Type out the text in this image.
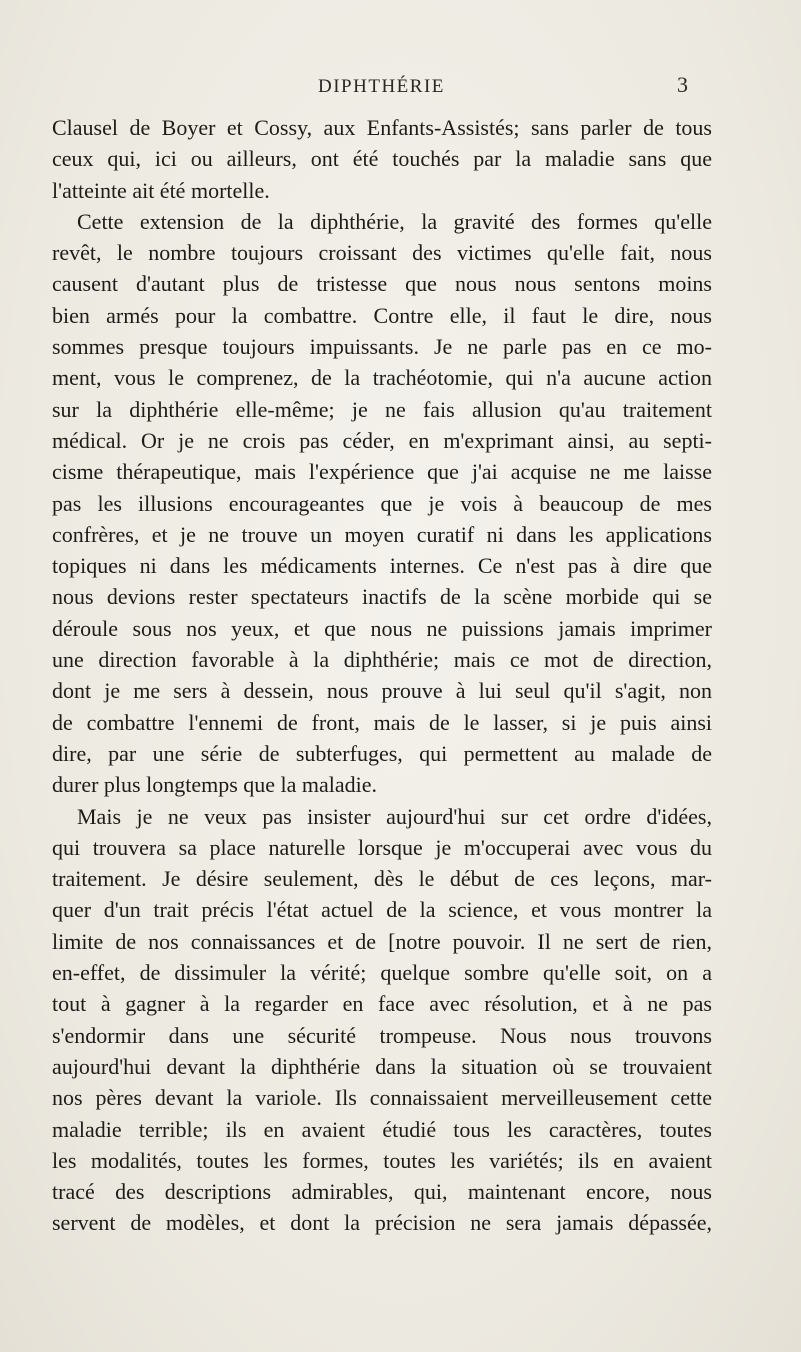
DIPHTHÉRIE	3
Clausel de Boyer et Cossy, aux Enfants-Assistés; sans parler de tous
ceux qui, ici ou ailleurs, ont été touchés par la maladie sans que
l'atteinte ait été mortelle.
Cette extension de la diphthérie, la gravité des formes qu'elle
revêt, le nombre toujours croissant des victimes qu'elle fait, nous
causent d'autant plus de tristesse que nous nous sentons moins
bien armés pour la combattre. Contre elle, il faut le dire, nous
sommes presque toujours impuissants. Je ne parle pas en ce mo-
ment, vous le comprenez, de la trachéotomie, qui n'a aucune action
sur la diphthérie elle-même; je ne fais allusion qu'au traitement
médical. Or je ne crois pas céder, en m'exprimant ainsi, au septi-
cisme thérapeutique, mais l'expérience que j'ai acquise ne me laisse
pas les illusions encourageantes que je vois à beaucoup de mes
confrères, et je ne trouve un moyen curatif ni dans les applications
topiques ni dans les médicaments internes. Ce n'est pas à dire que
nous devions rester spectateurs inactifs de la scène morbide qui se
déroule sous nos yeux, et que nous ne puissions jamais imprimer
une direction favorable à la diphthérie; mais ce mot de direction,
dont je me sers à dessein, nous prouve à lui seul qu'il s'agit, non
de combattre l'ennemi de front, mais de le lasser, si je puis ainsi
dire, par une série de subterfuges, qui permettent au malade de
durer plus longtemps que la maladie.
Mais je ne veux pas insister aujourd'hui sur cet ordre d'idées,
qui trouvera sa place naturelle lorsque je m'occuperai avec vous du
traitement. Je désire seulement, dès le début de ces leçons, mar-
quer d'un trait précis l'état actuel de la science, et vous montrer la
limite de nos connaissances et de [notre pouvoir. Il ne sert de rien,
en-effet, de dissimuler la vérité; quelque sombre qu'elle soit, on a
tout à gagner à la regarder en face avec résolution, et à ne pas
s'endormir dans une sécurité trompeuse. Nous nous trouvons
aujourd'hui devant la diphthérie dans la situation où se trouvaient
nos pères devant la variole. Ils connaissaient merveilleusement cette
maladie terrible; ils en avaient étudié tous les caractères, toutes
les modalités, toutes les formes, toutes les variétés; ils en avaient
tracé des descriptions admirables, qui, maintenant encore, nous
servent de modèles, et dont la précision ne sera jamais dépassée,
